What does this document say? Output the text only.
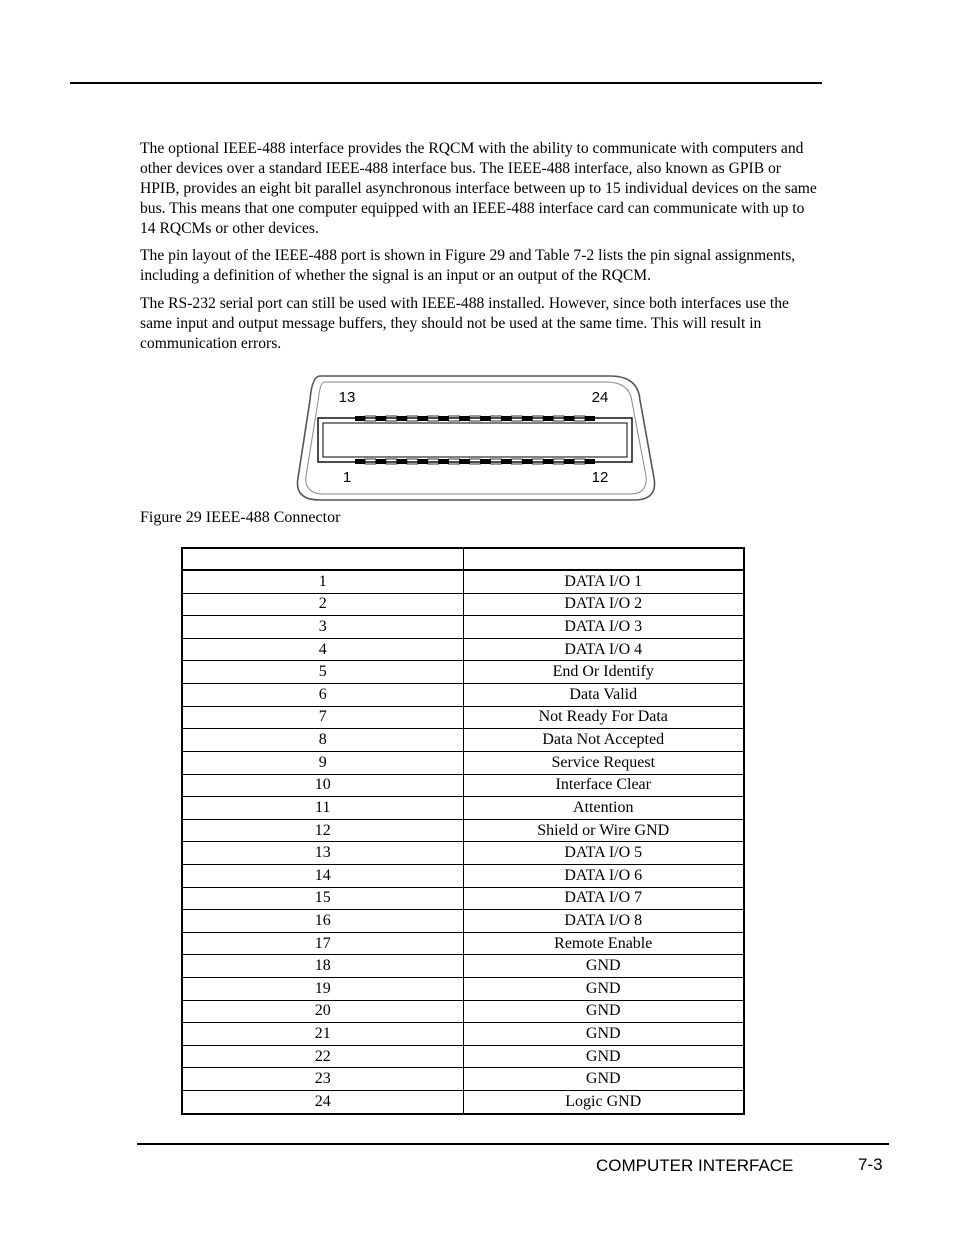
The optional IEEE-488 interface provides the RQCM with the ability to communicate with computers and other devices over a standard IEEE-488 interface bus. The IEEE-488 interface, also known as GPIB or HPIB, provides an eight bit parallel asynchronous interface between up to 15 individual devices on the same bus. This means that one computer equipped with an IEEE-488 interface card can communicate with up to 14 RQCMs or other devices.

The pin layout of the IEEE-488 port is shown in Figure 29 and Table 7-2 lists the pin signal assignments, including a definition of whether the signal is an input or an output of the RQCM.

The RS-232 serial port can still be used with IEEE-488 installed. However, since both interfaces use the same input and output message buffers, they should not be used at the same time. This will result in communication errors.

13	24
1	12
Figure 29 IEEE-488 Connector

1	DATA I/O 1
2	DATA I/O 2
3	DATA I/O 3
4	DATA I/O 4
5	End Or Identify
6	Data Valid
7	Not Ready For Data
8	Data Not Accepted
9	Service Request
10	Interface Clear
11	Attention
12	Shield or Wire GND
13	DATA I/O 5
14	DATA I/O 6
15	DATA I/O 7
16	DATA I/O 8
17	Remote Enable
18	GND
19	GND
20	GND
21	GND
22	GND
23	GND
24	Logic GND
COMPUTER INTERFACE	7-3
